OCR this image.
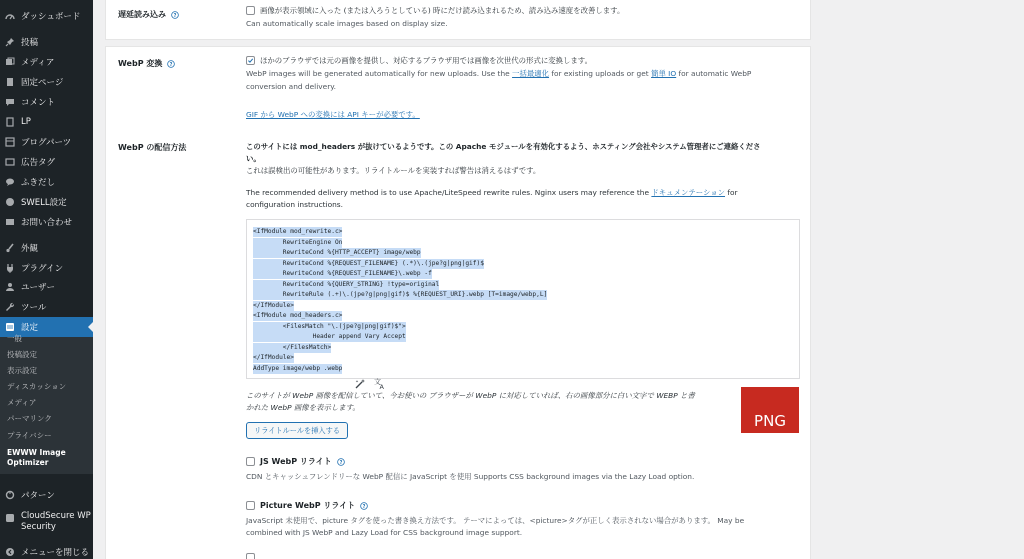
ダッシュボード
投稿
メディア
固定ページ
コメント
LP
ブログパーツ
広告タグ
ふきだし
SWELL設定
お問い合わせ
外観
プラグイン
ユーザー
ツール
設定
一般
投稿設定
表示設定
ディスカッション
メディア
パーマリンク
プライバシー
EWWW Image Optimizer
パターン
CloudSecure WP Security
メニューを閉じる
遅延読み込み ?
画像が表示領域に入った (または入ろうとしている) 時にだけ読み込まれるため、読み込み速度を改善します。
Can automatically scale images based on display size.
WebP 変換 ?	ほかのブラウザでは元の画像を提供し、対応するブラウザ用では画像を次世代の形式に変換します。
WebP images will be generated automatically for new uploads. Use the 一括最適化 for existing uploads or get 簡単 IO for automatic WebP
conversion and delivery.
GIF から WebP への変換には API キーが必要です。
WebP の配信方法	このサイトには mod_headers が抜けているようです。この Apache モジュールを有効化するよう、ホスティング会社やシステム管理者にご連絡くださ
い。
これは誤検出の可能性があります。リライトルールを実装すれば警告は消えるはずです。
The recommended delivery method is to use Apache/LiteSpeed rewrite rules. Nginx users may reference the ドキュメンテーション for
configuration instructions.
<IfModule mod_rewrite.c>
RewriteEngine On
RewriteCond %{HTTP_ACCEPT} image/webp
RewriteCond %{REQUEST_FILENAME} (.*)\.(jpe?g|png|gif)$
RewriteCond %{REQUEST_FILENAME}\.webp -f
RewriteCond %{QUERY_STRING} !type=original
RewriteRule (.+)\.(jpe?g|png|gif)$ %{REQUEST_URI}.webp [T=image/webp,L]
</IfModule>
<IfModule mod_headers.c>
<FilesMatch "\.(jpe?g|png|gif)$">
Header append Vary Accept
</FilesMatch>
</IfModule>
AddType image/webp .webp
文
A
このサイトが WebP 画像を配信していて、今お使いの ブラウザーが WebP に対応していれば、右の画像部分に白い文字で WEBP と書
かれた WebP 画像を表示します。
PNG
リライトルールを挿入する
JS WebP リライト ?
CDN とキャッシュフレンドリーな WebP 配信に JavaScript を使用 Supports CSS background images via the Lazy Load option.
Picture WebP リライト ?
JavaScript 未使用で、picture タグを使った書き換え方法です。 テーマによっては、<picture>タグが正しく表示されない場合があります。 May be
combined with JS WebP and Lazy Load for CSS background image support.
